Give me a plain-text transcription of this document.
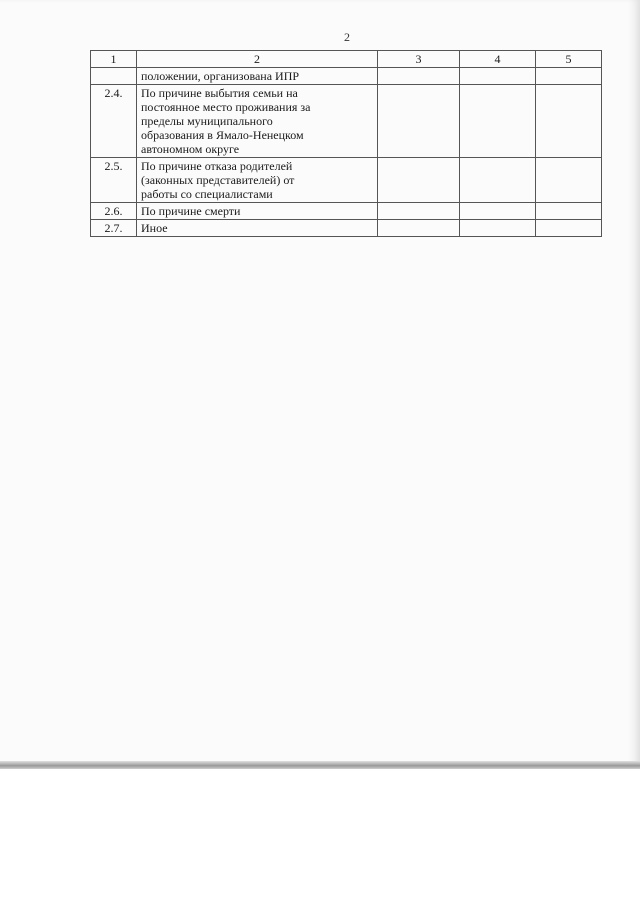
2
1	2	3	4	5
	положении, организована ИПР			
2.4.	По причине выбытия семьи на
постоянное место проживания за
пределы муниципального
образования в Ямало-Ненецком
автономном округе			
2.5.	По причине отказа родителей
(законных представителей) от
работы со специалистами			
2.6.	По причине смерти			
2.7.	Иное			
